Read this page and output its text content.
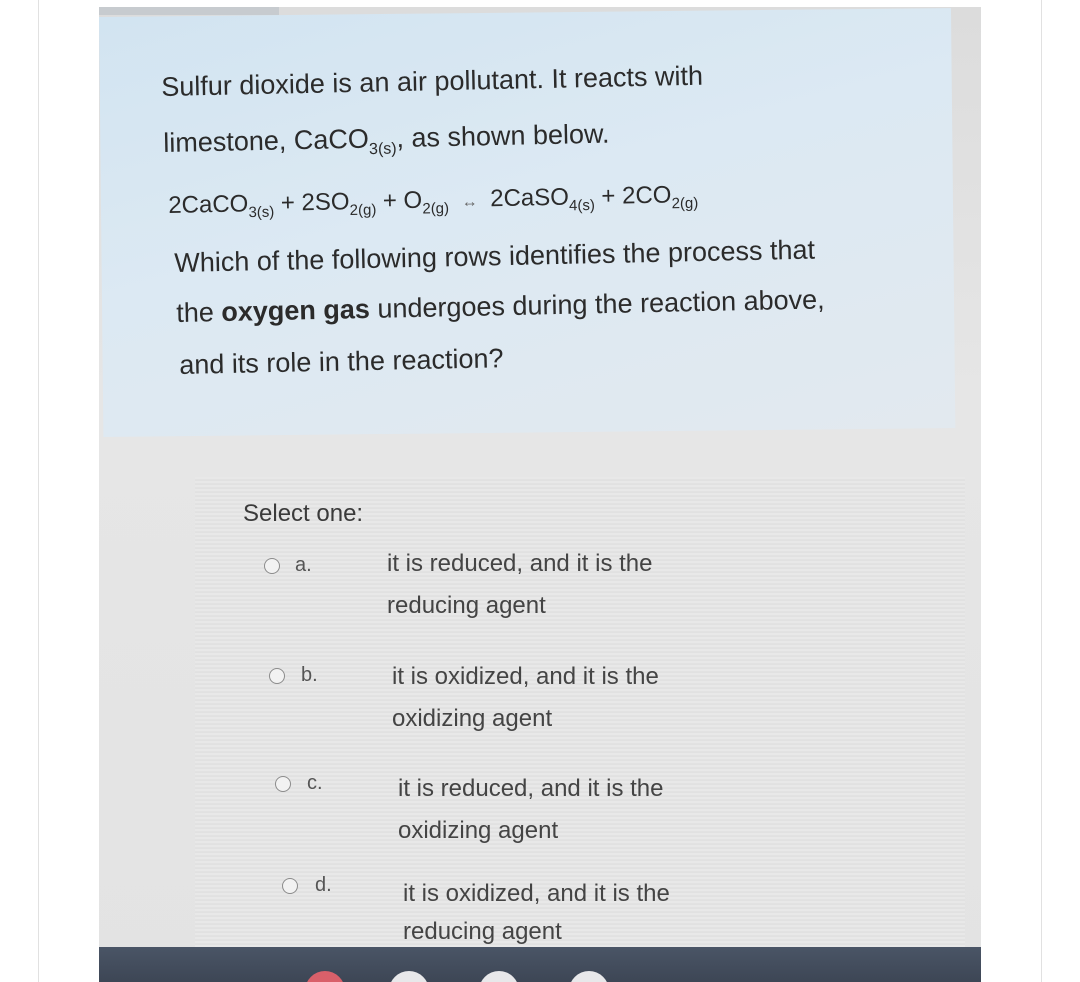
Sulfur dioxide is an air pollutant. It reacts with
limestone, CaCO$_{3(s)}$, as shown below.
2CaCO$_{3(s)}$ + $2SO_{2(g)} + O_{2(g)}$ ↔ 2CaSO$_{4(s)}$ + $2CO_{2(g)}$
Which of the following rows identifies the process that
the oxygen gas undergoes during the reaction above,
and its role in the reaction?
Select one:
a.	it is reduced, and it is the
reducing agent
b.	it is oxidized, and it is the
oxidizing agent
c.	it is reduced, and it is the
oxidizing agent
d.	it is oxidized, and it is the
reducing agent
